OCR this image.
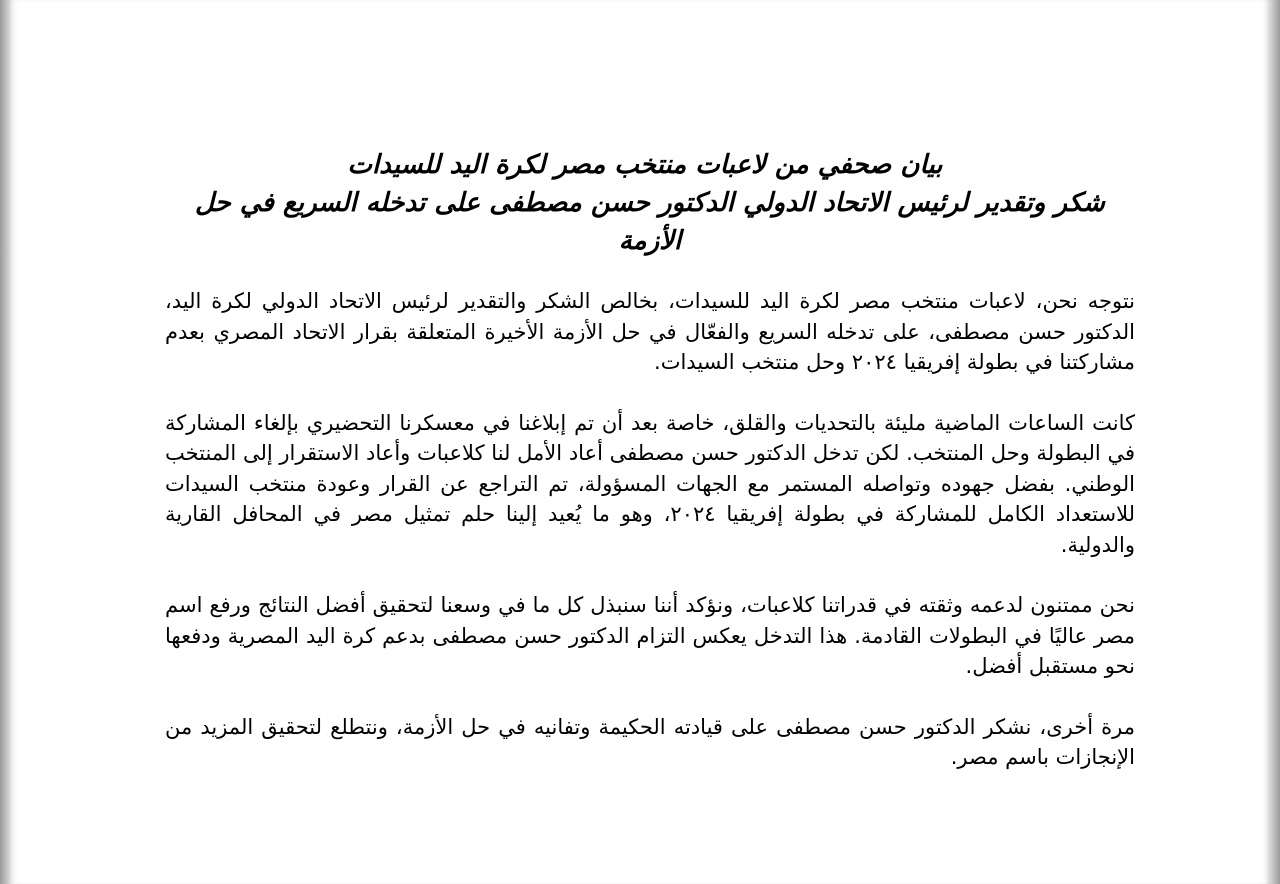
بيان صحفي من لاعبات منتخب مصر لكرة اليد للسيدات
شكر وتقدير لرئيس الاتحاد الدولي الدكتور حسن مصطفى على تدخله السريع في حل الأزمة

نتوجه نحن، لاعبات منتخب مصر لكرة اليد للسيدات، بخالص الشكر والتقدير لرئيس الاتحاد الدولي لكرة اليد، الدكتور حسن مصطفى، على تدخله السريع والفعّال في حل الأزمة الأخيرة المتعلقة بقرار الاتحاد المصري بعدم مشاركتنا في بطولة إفريقيا ٢٠٢٤ وحل منتخب السيدات.

كانت الساعات الماضية مليئة بالتحديات والقلق، خاصة بعد أن تم إبلاغنا في معسكرنا التحضيري بإلغاء المشاركة في البطولة وحل المنتخب. لكن تدخل الدكتور حسن مصطفى أعاد الأمل لنا كلاعبات وأعاد الاستقرار إلى المنتخب الوطني. بفضل جهوده وتواصله المستمر مع الجهات المسؤولة، تم التراجع عن القرار وعودة منتخب السيدات للاستعداد الكامل للمشاركة في بطولة إفريقيا ٢٠٢٤، وهو ما يُعيد إلينا حلم تمثيل مصر في المحافل القارية والدولية.

نحن ممتنون لدعمه وثقته في قدراتنا كلاعبات، ونؤكد أننا سنبذل كل ما في وسعنا لتحقيق أفضل النتائج ورفع اسم مصر عاليًا في البطولات القادمة. هذا التدخل يعكس التزام الدكتور حسن مصطفى بدعم كرة اليد المصرية ودفعها نحو مستقبل أفضل.

مرة أخرى، نشكر الدكتور حسن مصطفى على قيادته الحكيمة وتفانيه في حل الأزمة، ونتطلع لتحقيق المزيد من الإنجازات باسم مصر.
